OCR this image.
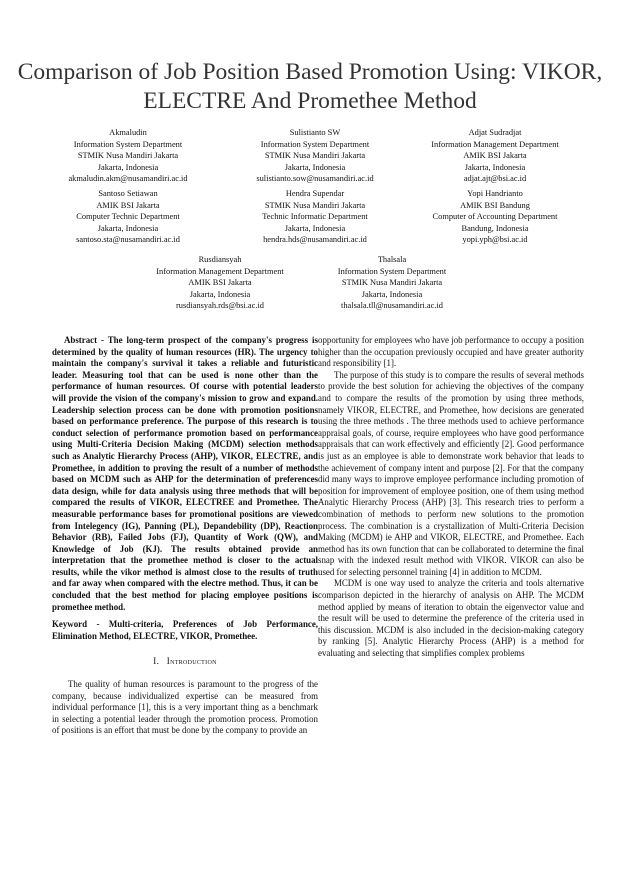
Comparison of Job Position Based Promotion Using: VIKOR, ELECTRE And Promethee Method
Akmaludin
Information System Department
STMIK Nusa Mandiri Jakarta
Jakarta, Indonesia
akmaludin.akm@nusamandiri.ac.id
Sulistianto SW
Information System Department
STMIK Nusa Mandiri Jakarta
Jakarta, Indonesia
sulistianto.sow@nusamandiri.ac.id
Adjat Sudradjat
Information Management Department
AMIK BSI Jakarta
Jakarta, Indonesia
adjat.ajt@bsi.ac.id
Santoso Setiawan
AMIK BSI Jakarta
Computer Technic Department
Jakarta, Indonesia
santoso.sta@nusamandiri.ac.id
Hendra Supendar
STMIK Nusa Mandiri Jakarta
Technic Informatic Department
Jakarta, Indonesia
hendra.hds@nusamandiri.ac.id
Yopi Handrianto
AMIK BSI Bandung
Computer of Accounting Department
Bandung, Indonesia
yopi.yph@bsi.ac.id
Rusdiansyah
Information Management Department
AMIK BSI Jakarta
Jakarta, Indonesia
rusdiansyah.rds@bsi.ac.id
Thalsala
Information System Department
STMIK Nusa Mandiri Jakarta
Jakarta, Indonesia
thalsala.tll@nusamandiri.ac.id

Abstract - The long-term prospect of the company's progress is determined by the quality of human resources (HR). The urgency to maintain the company's survival it takes a reliable and futuristic leader. Measuring tool that can be used is none other than the performance of human resources. Of course with potential leaders will provide the vision of the company's mission to grow and expand. Leadership selection process can be done with promotion positions based on performance preference. The purpose of this research is to conduct selection of performance promotion based on performance using Multi-Criteria Decision Making (MCDM) selection methods such as Analytic Hierarchy Process (AHP), VIKOR, ELECTRE, and Promethee, in addition to proving the result of a number of methods based on MCDM such as AHP for the determination of preferences data design, while for data analysis using three methods that will be compared the results of VIKOR, ELECTREE and Promethee. The measurable performance bases for promotional positions are viewed from Intelegency (IG), Panning (PL), Depandebility (DP), Reaction Behavior (RB), Failed Jobs (FJ), Quantity of Work (QW), and Knowledge of Job (KJ). The results obtained provide an interpretation that the promethee method is closer to the actual results, while the vikor method is almost close to the results of truth and far away when compared with the electre method. Thus, it can be concluded that the best method for placing employee positions is promethee method.

Keyword - Multi-criteria, Preferences of Job Performance, Elimination Method, ELECTRE, VIKOR, Promethee.

I. Introduction

The quality of human resources is paramount to the progress of the company, because individualized expertise can be measured from individual performance [1], this is a very important thing as a benchmark in selecting a potential leader through the promotion process. Promotion of positions is an effort that must be done by the company to provide an

opportunity for employees who have job performance to occupy a position higher than the occupation previously occupied and have greater authority and responsibility [1].

The purpose of this study is to compare the results of several methods to provide the best solution for achieving the objectives of the company and to compare the results of the promotion by using three methods, namely VIKOR, ELECTRE, and Promethee, how decisions are generated using the three methods . The three methods used to achieve performance appraisal goals, of course, require employees who have good performance appraisals that can work effectively and efficiently [2]. Good performance is just as an employee is able to demonstrate work behavior that leads to the achievement of company intent and purpose [2]. For that the company did many ways to improve employee performance including promotion of position for improvement of employee position, one of them using method Analytic Hierarchy Process (AHP) [3]. This research tries to perform a combination of methods to perform new solutions to the promotion process. The combination is a crystallization of Multi-Criteria Decision Making (MCDM) ie AHP and VIKOR, ELECTRE, and Promethee. Each method has its own function that can be collaborated to determine the final snap with the indexed result method with VIKOR. VIKOR can also be used for selecting personnel training [4] in addition to MCDM.

MCDM is one way used to analyze the criteria and tools alternative comparison depicted in the hierarchy of analysis on AHP. The MCDM method applied by means of iteration to obtain the eigenvector value and the result will be used to determine the preference of the criteria used in this discussion. MCDM is also included in the decision-making category by ranking [5]. Analytic Hierarchy Process (AHP) is a method for evaluating and selecting that simplifies complex problems
